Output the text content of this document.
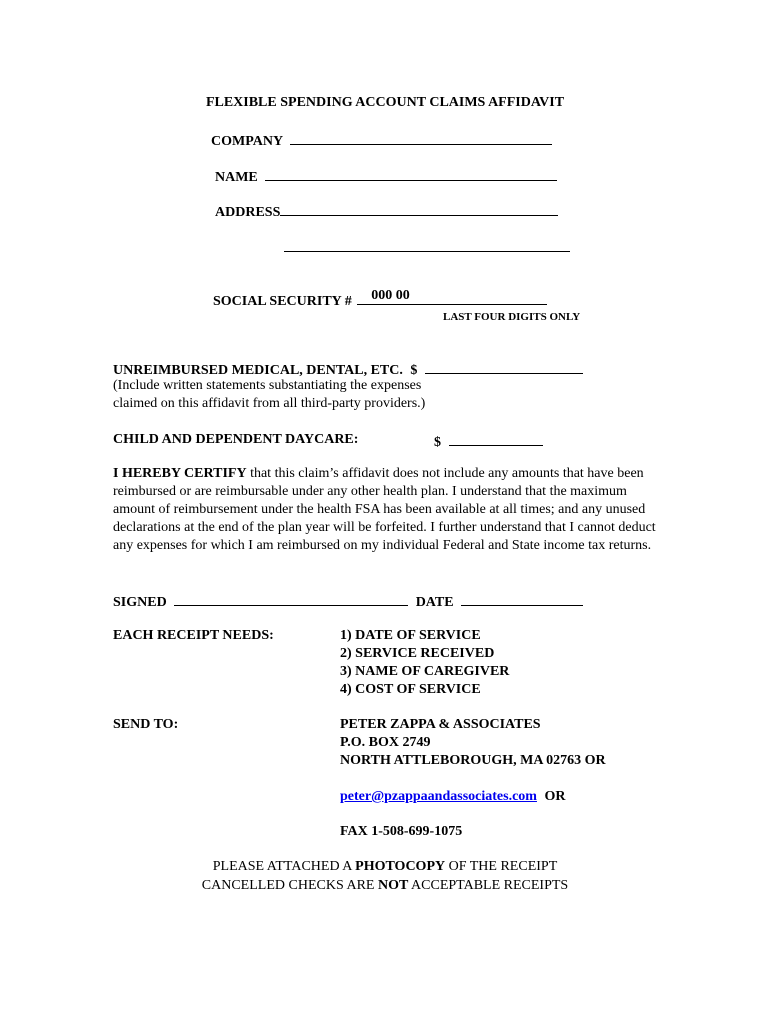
FLEXIBLE SPENDING ACCOUNT CLAIMS AFFIDAVIT
COMPANY
NAME
ADDRESS
SOCIAL SECURITY # 000 00
LAST FOUR DIGITS ONLY
UNREIMBURSED MEDICAL, DENTAL, ETC. $
(Include written statements substantiating the expenses
claimed on this affidavit from all third-party providers.)
CHILD AND DEPENDENT DAYCARE:	$
I HEREBY CERTIFY that this claim’s affidavit does not include any amounts that have been reimbursed or are reimbursable under any other health plan. I understand that the maximum amount of reimbursement under the health FSA has been available at all times; and any unused declarations at the end of the plan year will be forfeited. I further understand that I cannot deduct any expenses for which I am reimbursed on my individual Federal and State income tax returns.
SIGNED	DATE
EACH RECEIPT NEEDS:	1) DATE OF SERVICE
2) SERVICE RECEIVED
3) NAME OF CAREGIVER
4) COST OF SERVICE
SEND TO:	PETER ZAPPA & ASSOCIATES
P.O. BOX 2749
NORTH ATTLEBOROUGH, MA 02763 OR
peter@pzappaandassociates.com OR
FAX 1-508-699-1075
PLEASE ATTACHED A PHOTOCOPY OF THE RECEIPT
CANCELLED CHECKS ARE NOT ACCEPTABLE RECEIPTS
